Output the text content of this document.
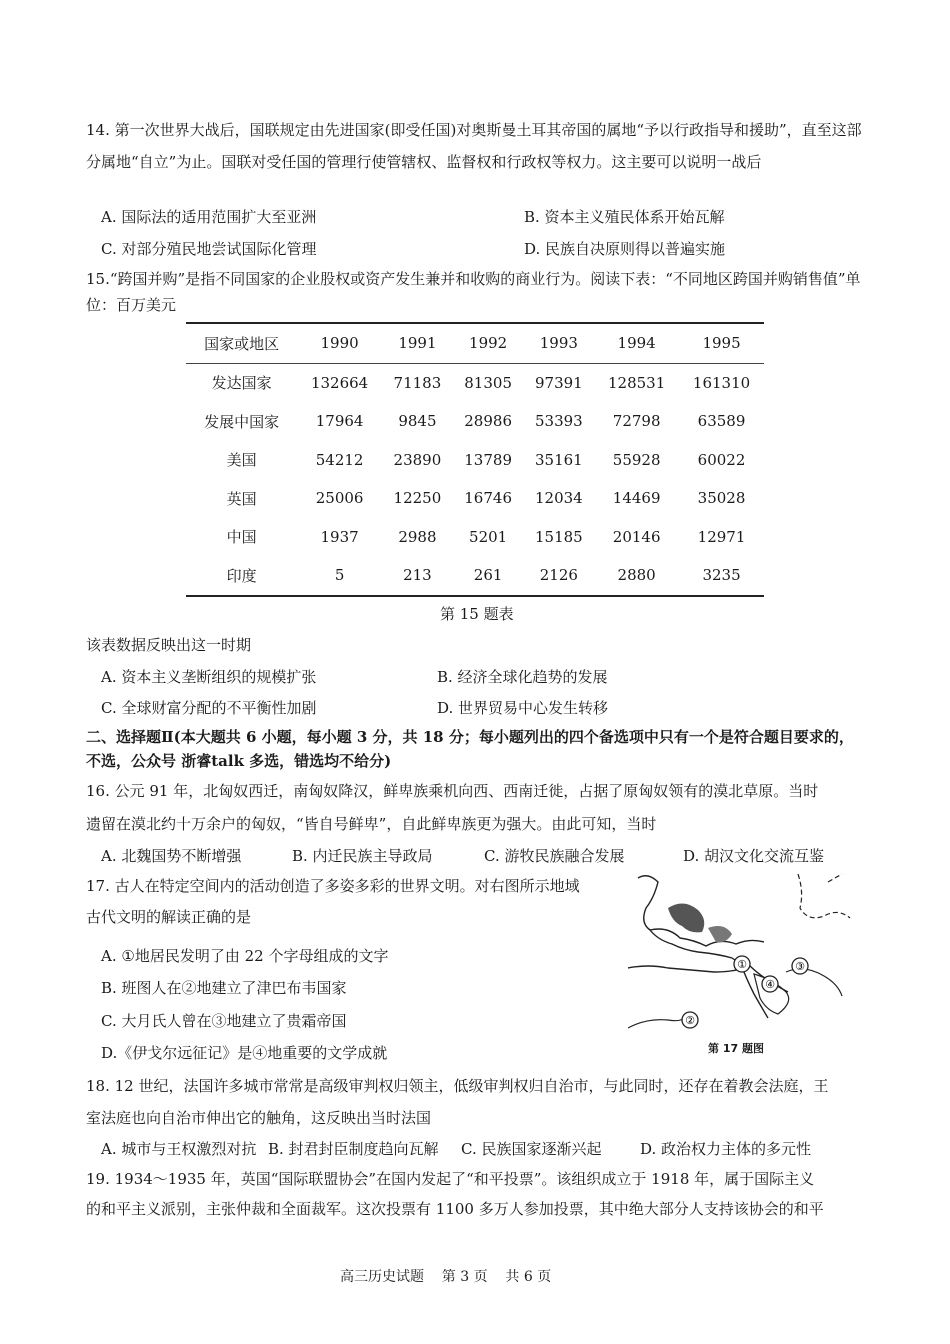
14. 第一次世界大战后，国联规定由先进国家(即受任国)对奥斯曼土耳其帝国的属地“予以行政指导和援助”，直至这部分属地“自立”为止。国联对受任国的管理行使管辖权、监督权和行政权等权力。这主要可以说明一战后
A. 国际法的适用范围扩大至亚洲	B. 资本主义殖民体系开始瓦解
C. 对部分殖民地尝试国际化管理	D. 民族自决原则得以普遍实施
15.“跨国并购”是指不同国家的企业股权或资产发生兼并和收购的商业行为。阅读下表：“不同地区跨国并购销售值”单位：百万美元
国家或地区	1990	1991	1992	1993	1994	1995
发达国家	132664	71183	81305	97391	128531	161310
发展中国家	17964	9845	28986	53393	72798	63589
美国	54212	23890	13789	35161	55928	60022
英国	25006	12250	16746	12034	14469	35028
中国	1937	2988	5201	15185	20146	12971
印度	5	213	261	2126	2880	3235
第 15 题表
该表数据反映出这一时期
A. 资本主义垄断组织的规模扩张	B. 经济全球化趋势的发展
C. 全球财富分配的不平衡性加剧	D. 世界贸易中心发生转移
二、选择题Ⅱ(本大题共 6 小题，每小题 3 分，共 18 分；每小题列出的四个备选项中只有一个是符合题目要求的，
不选，公众号 浙睿talk 多选，错选均不给分)
16. 公元 91 年，北匈奴西迁，南匈奴降汉，鲜卑族乘机向西、西南迁徙，占据了原匈奴领有的漠北草原。当时
遗留在漠北约十万余户的匈奴，“皆自号鲜卑”，自此鲜卑族更为强大。由此可知，当时
A. 北魏国势不断增强	B. 内迁民族主导政局	C. 游牧民族融合发展	D. 胡汉文化交流互鉴
17. 古人在特定空间内的活动创造了多姿多彩的世界文明。对右图所示地域
古代文明的解读正确的是
A. ①地居民发明了由 22 个字母组成的文字
B. 班图人在②地建立了津巴布韦国家
C. 大月氏人曾在③地建立了贵霜帝国
D.《伊戈尔远征记》是④地重要的文学成就
①
②
③
④
第 17 题图
18. 12 世纪，法国许多城市常常是高级审判权归领主，低级审判权归自治市，与此同时，还存在着教会法庭，王
室法庭也向自治市伸出它的触角，这反映出当时法国
A. 城市与王权激烈对抗 B. 封君封臣制度趋向瓦解 C. 民族国家逐渐兴起	D. 政治权力主体的多元性
19. 1934～1935 年，英国“国际联盟协会”在国内发起了“和平投票”。该组织成立于 1918 年，属于国际主义
的和平主义派别，主张仲裁和全面裁军。这次投票有 1100 多万人参加投票，其中绝大部分人支持该协会的和平
高三历史试题    第 3 页    共 6 页
